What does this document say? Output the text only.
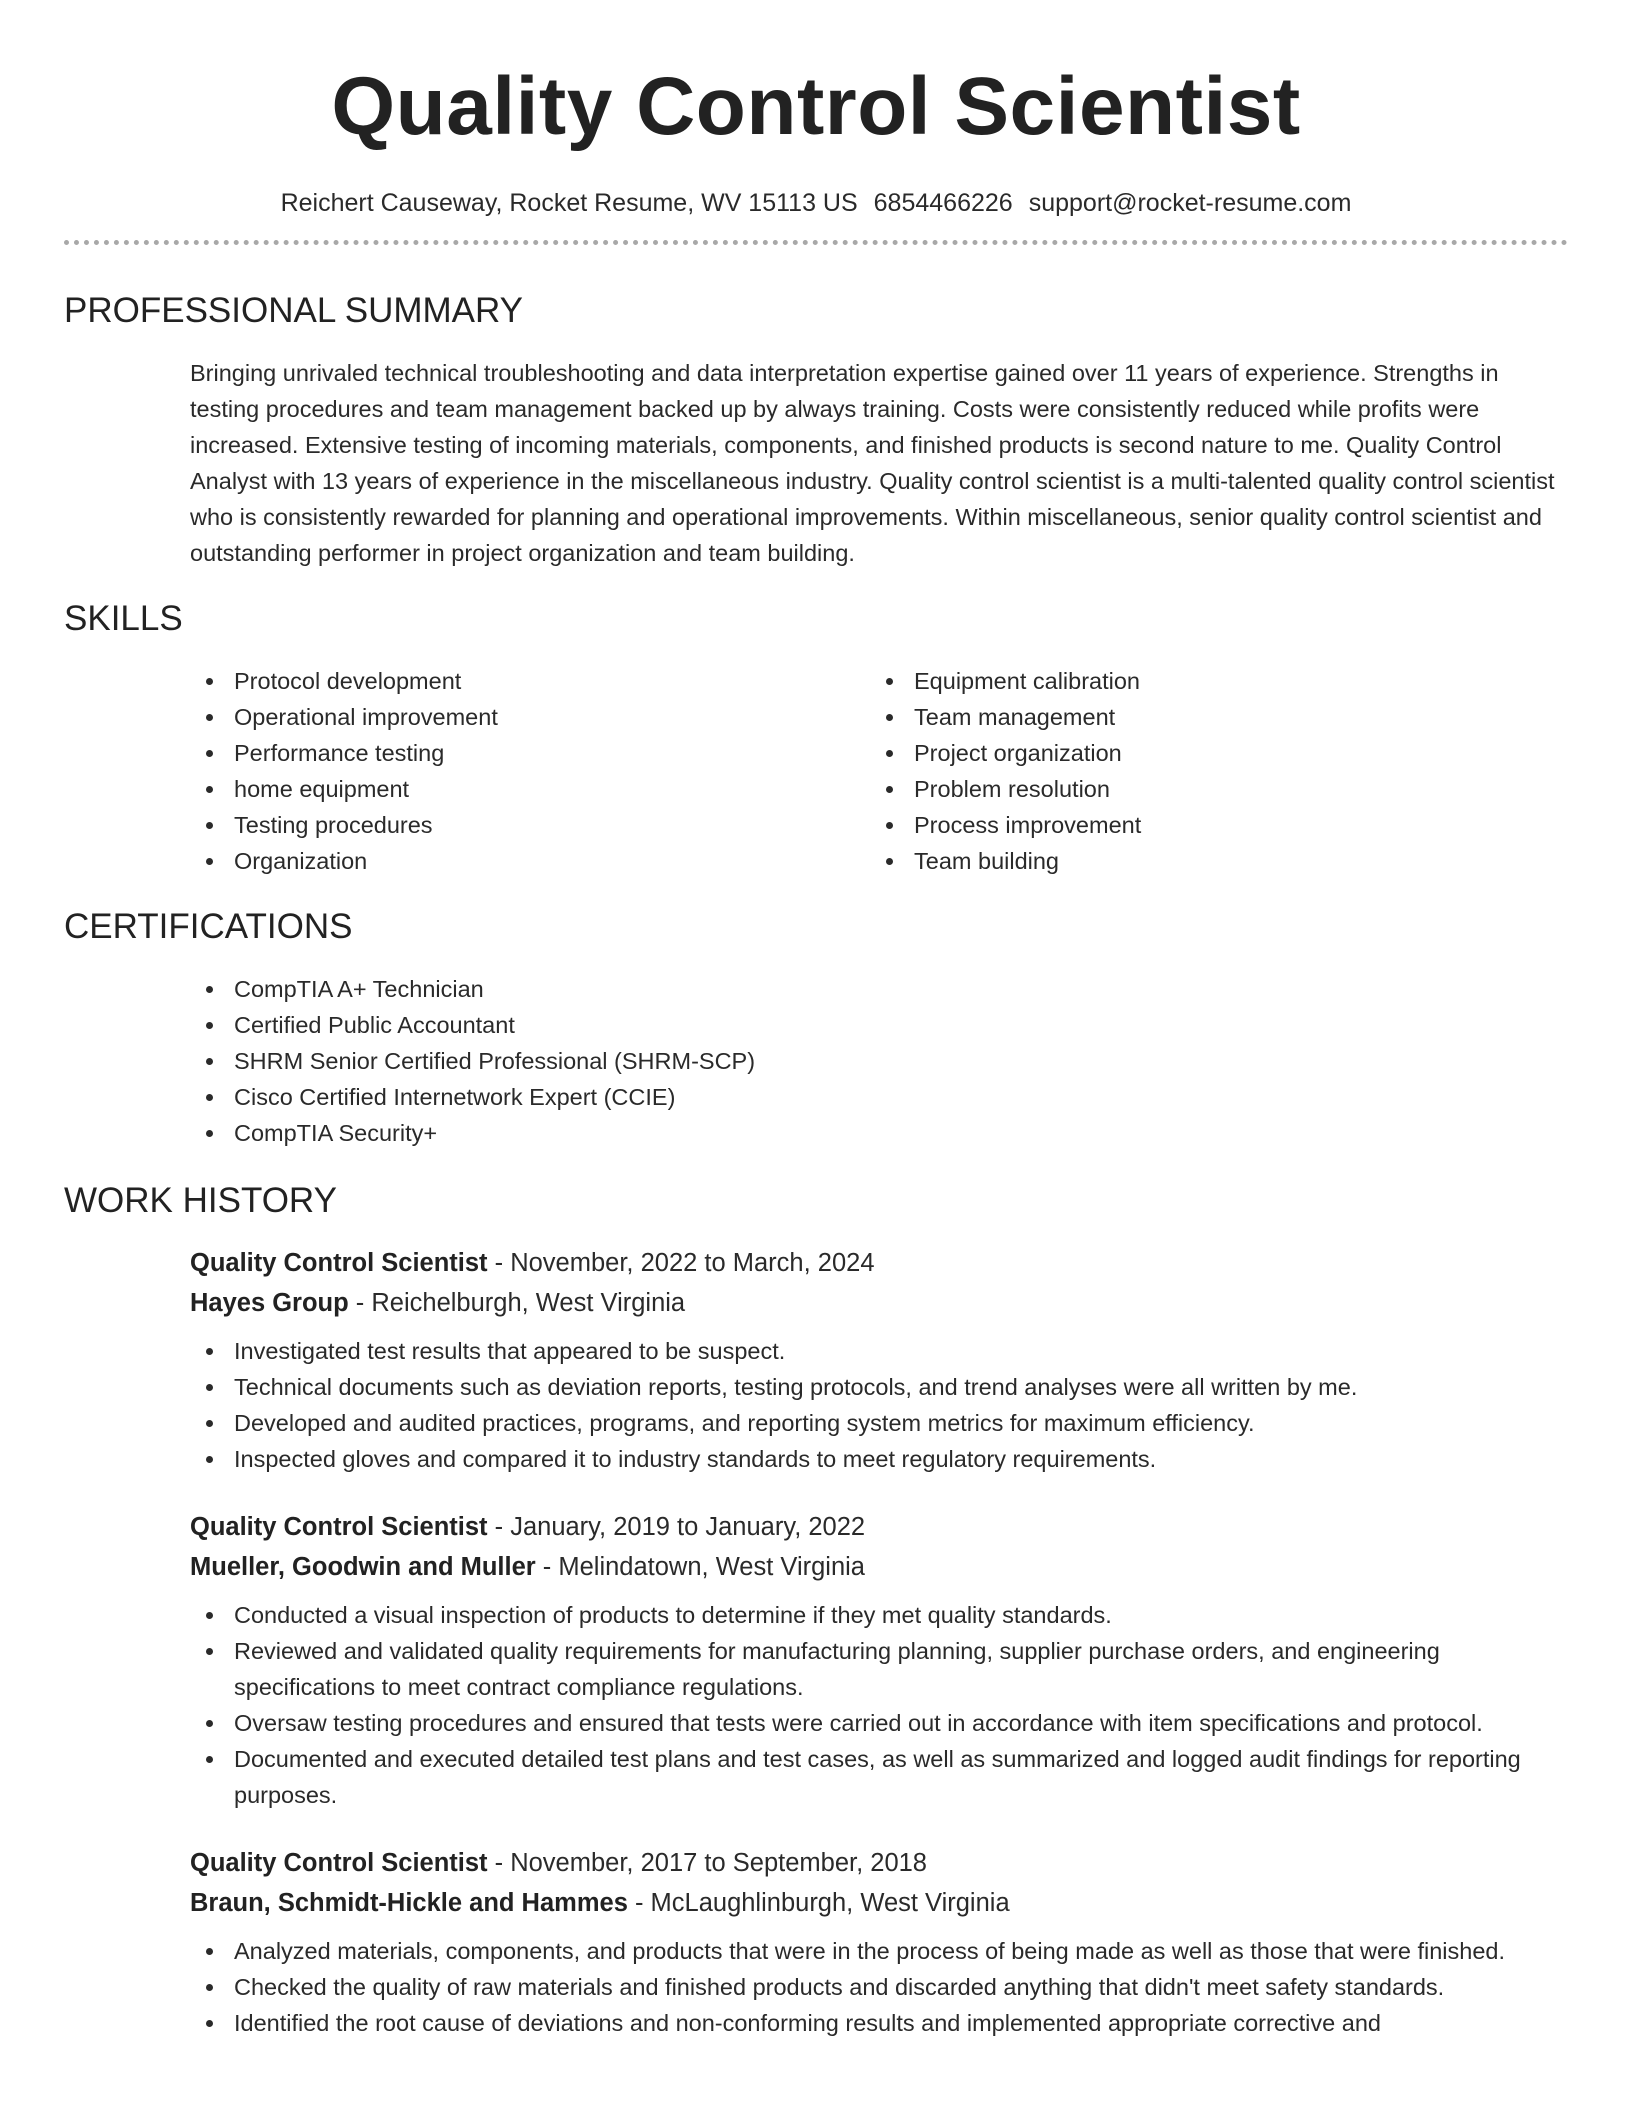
Quality Control Scientist
Reichert Causeway, Rocket Resume, WV 15113 US 6854466226 support@rocket-resume.com
PROFESSIONAL SUMMARY
Bringing unrivaled technical troubleshooting and data interpretation expertise gained over 11 years of experience. Strengths in testing procedures and team management backed up by always training. Costs were consistently reduced while profits were increased. Extensive testing of incoming materials, components, and finished products is second nature to me. Quality Control Analyst with 13 years of experience in the miscellaneous industry. Quality control scientist is a multi-talented quality control scientist who is consistently rewarded for planning and operational improvements. Within miscellaneous, senior quality control scientist and outstanding performer in project organization and team building.
SKILLS
Protocol development
Operational improvement
Performance testing
home equipment
Testing procedures
Organization
Equipment calibration
Team management
Project organization
Problem resolution
Process improvement
Team building
CERTIFICATIONS
CompTIA A+ Technician
Certified Public Accountant
SHRM Senior Certified Professional (SHRM-SCP)
Cisco Certified Internetwork Expert (CCIE)
CompTIA Security+
WORK HISTORY
Quality Control Scientist - November, 2022 to March, 2024
Hayes Group - Reichelburgh, West Virginia
Investigated test results that appeared to be suspect.
Technical documents such as deviation reports, testing protocols, and trend analyses were all written by me.
Developed and audited practices, programs, and reporting system metrics for maximum efficiency.
Inspected gloves and compared it to industry standards to meet regulatory requirements.
Quality Control Scientist - January, 2019 to January, 2022
Mueller, Goodwin and Muller - Melindatown, West Virginia
Conducted a visual inspection of products to determine if they met quality standards.
Reviewed and validated quality requirements for manufacturing planning, supplier purchase orders, and engineering specifications to meet contract compliance regulations.
Oversaw testing procedures and ensured that tests were carried out in accordance with item specifications and protocol.
Documented and executed detailed test plans and test cases, as well as summarized and logged audit findings for reporting purposes.
Quality Control Scientist - November, 2017 to September, 2018
Braun, Schmidt-Hickle and Hammes - McLaughlinburgh, West Virginia
Analyzed materials, components, and products that were in the process of being made as well as those that were finished.
Checked the quality of raw materials and finished products and discarded anything that didn't meet safety standards.
Identified the root cause of deviations and non-conforming results and implemented appropriate corrective and
